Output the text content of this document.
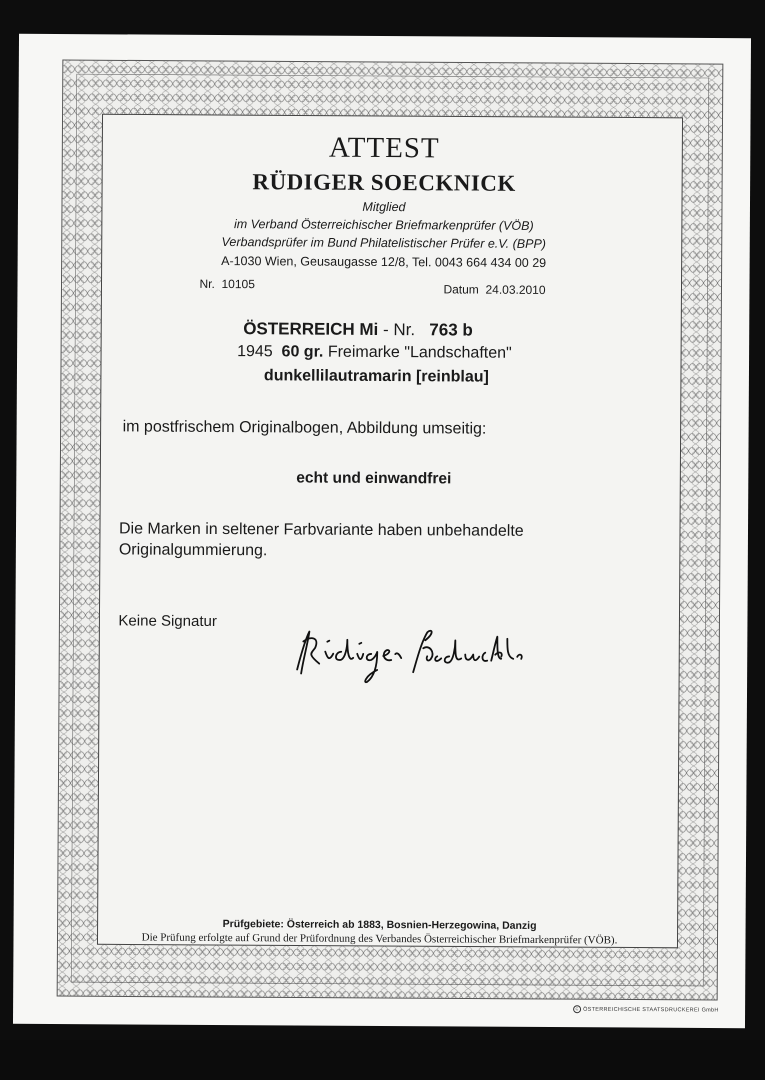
ATTEST
RÜDIGER SOECKNICK
Mitglied
im Verband Österreichischer Briefmarkenprüfer (VÖB)
Verbandsprüfer im Bund Philatelistischer Prüfer e.V. (BPP)
A-1030 Wien, Geusaugasse 12/8, Tel. 0043 664 434 00 29
Nr. 10105	Datum 24.03.2010
ÖSTERREICH Mi - Nr. 763 b
1945 60 gr. Freimarke "Landschaften"
dunkellilautramarin [reinblau]
im postfrischem Originalbogen, Abbildung umseitig:
echt und einwandfrei
Die Marken in seltener Farbvariante haben unbehandelte
Originalgummierung.
Keine Signatur
Prüfgebiete: Österreich ab 1883, Bosnien-Herzegowina, Danzig
Die Prüfung erfolgte auf Grund der Prüfordnung des Verbandes Österreichischer Briefmarkenprüfer (VÖB).
C ÖSTERREICHISCHE STAATSDRUCKEREI GmbH
